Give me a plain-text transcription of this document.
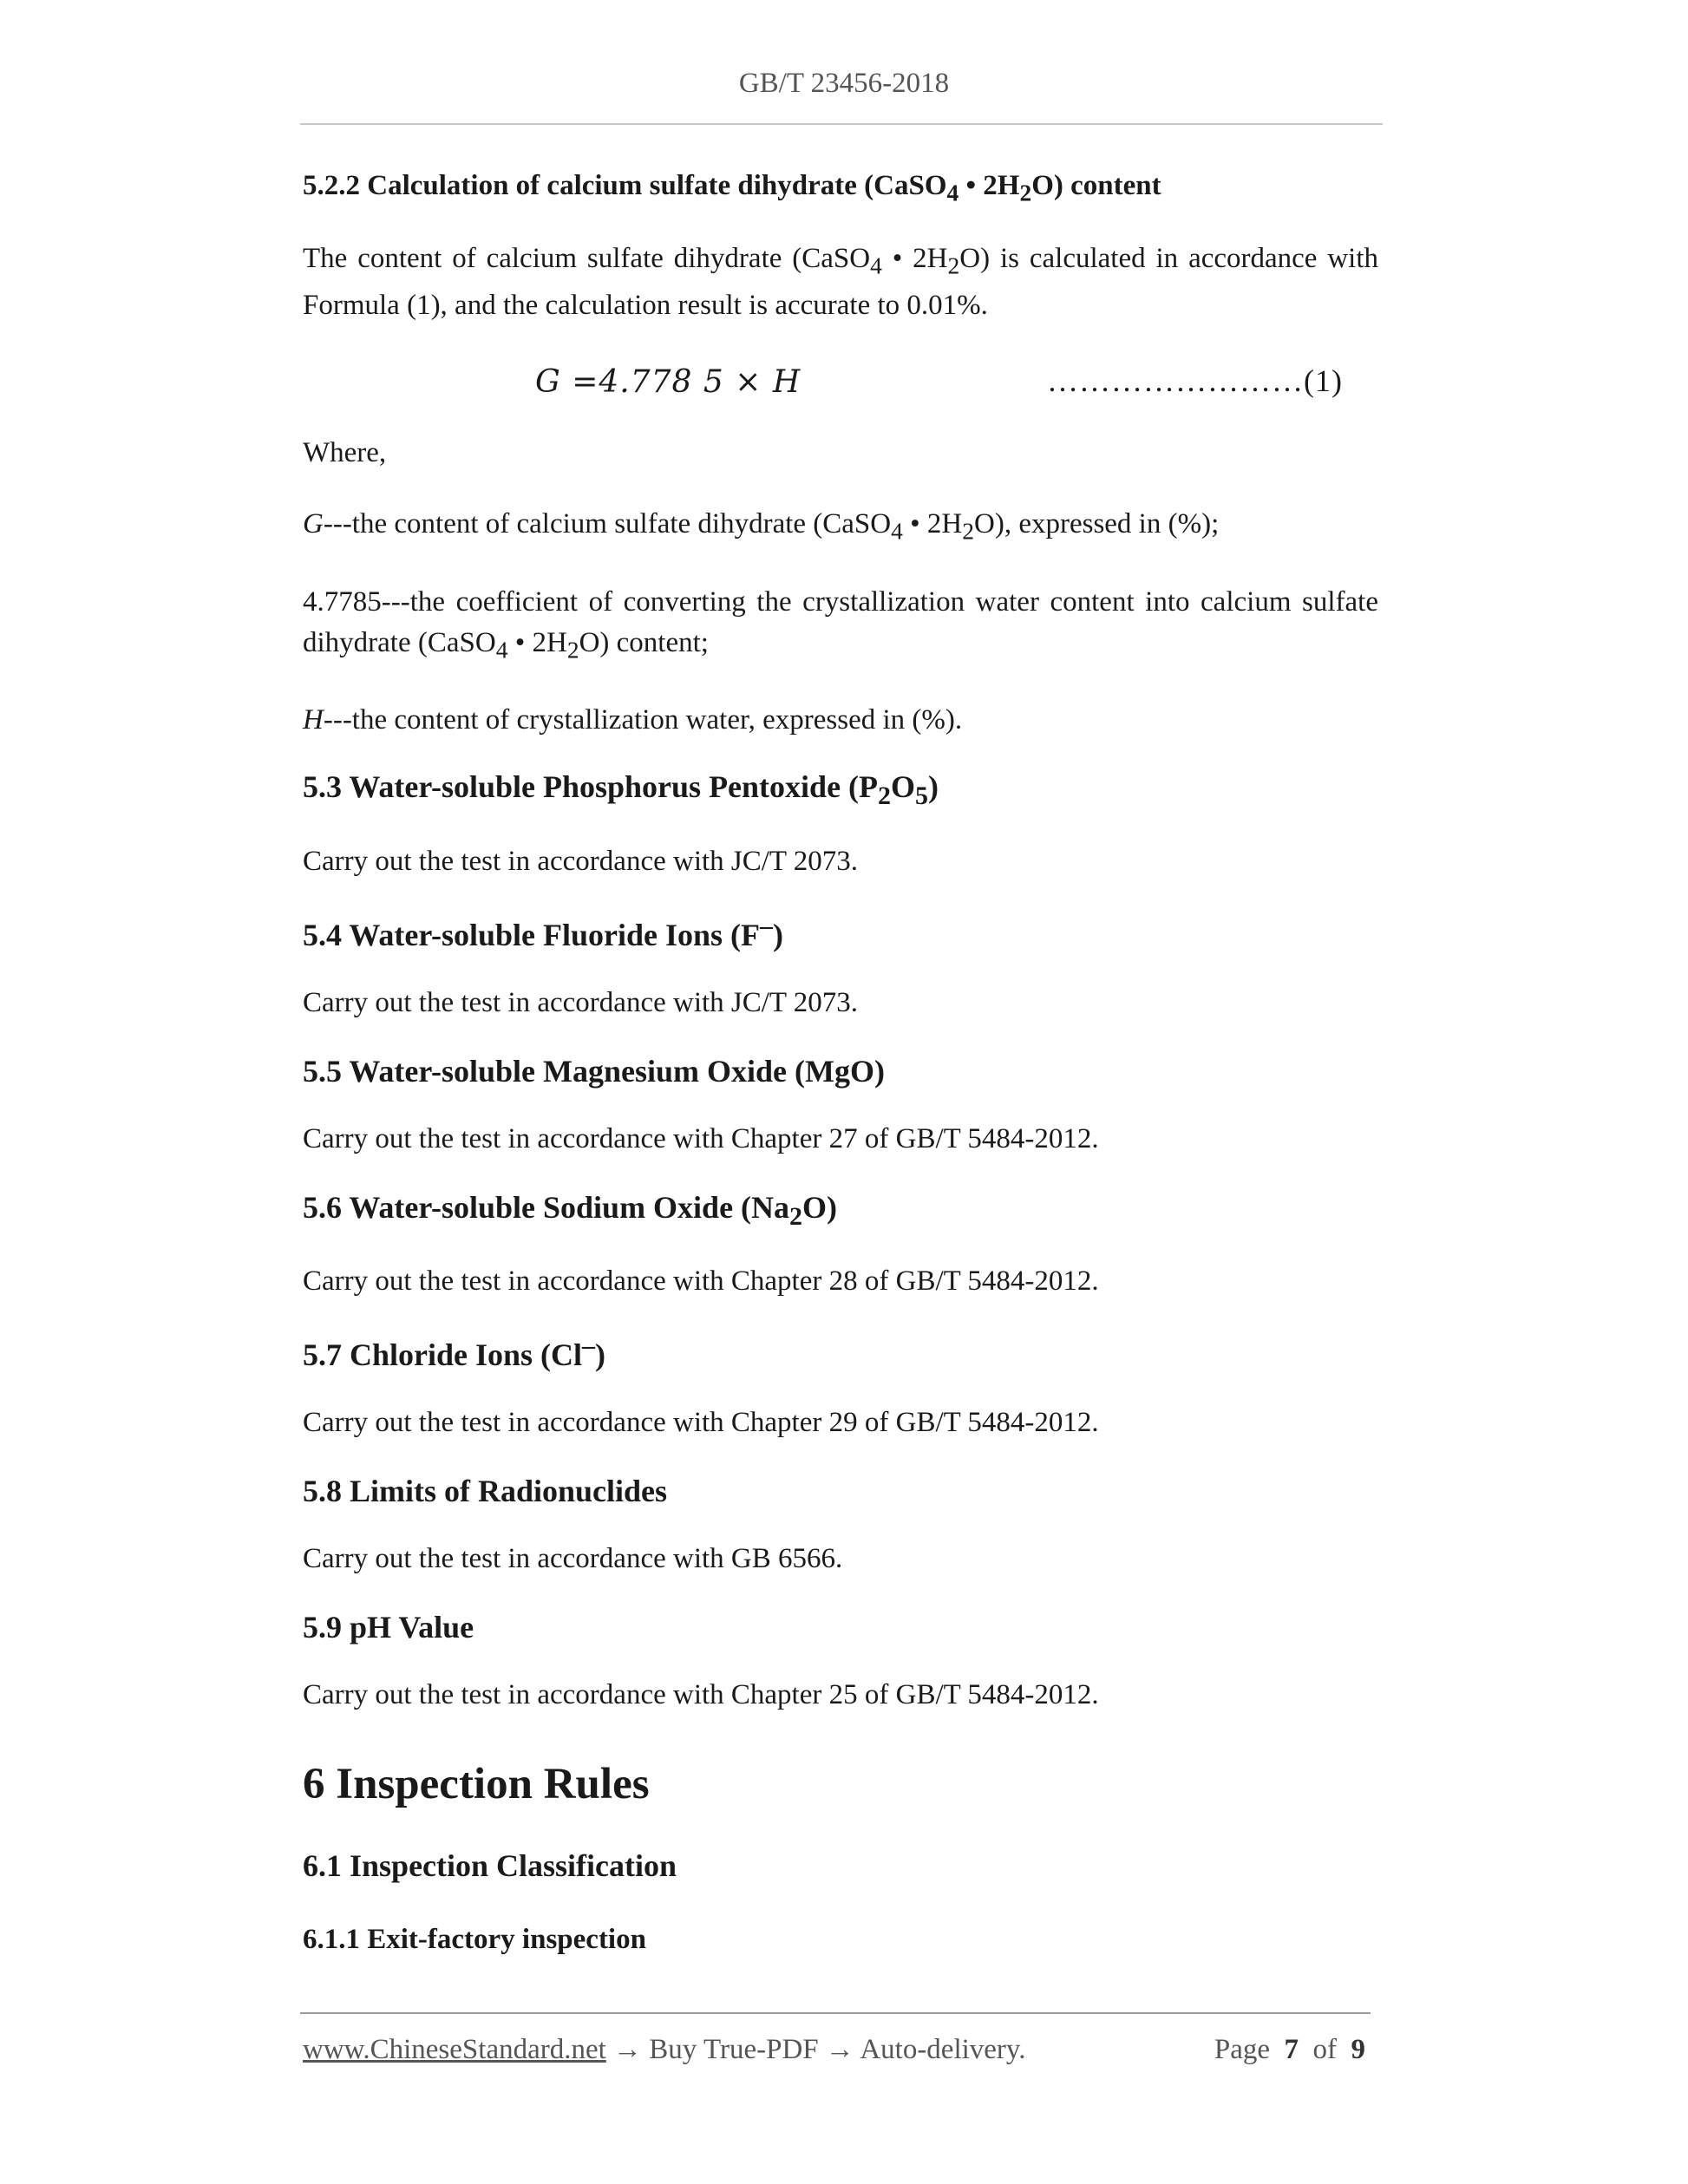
GB/T 23456-2018
5.2.2 Calculation of calcium sulfate dihydrate (CaSO$_4$ • $2H_2O$) content
The content of calcium sulfate dihydrate (CaSO$_4$ • $2H_2O$) is calculated in accordance with Formula (1), and the calculation result is accurate to 0.01%.
G =4.778 5 × H	……………………(1)
Where,
G---the content of calcium sulfate dihydrate (CaSO$_4$ • $2H_2O$), expressed in (%);
4.7785---the coefficient of converting the crystallization water content into calcium sulfate dihydrate (CaSO$_4$ • $2H_2O$) content;
H---the content of crystallization water, expressed in (%).
5.3 Water-soluble Phosphorus Pentoxide $(P_2O_5)$
Carry out the test in accordance with JC/T 2073.
5.4 Water-soluble Fluoride Ions (F–)
Carry out the test in accordance with JC/T 2073.
5.5 Water-soluble Magnesium Oxide (MgO)
Carry out the test in accordance with Chapter 27 of GB/T 5484-2012.
5.6 Water-soluble Sodium Oxide $(Na_2O)$
Carry out the test in accordance with Chapter 28 of GB/T 5484-2012.
5.7 Chloride Ions (Cl–)
Carry out the test in accordance with Chapter 29 of GB/T 5484-2012.
5.8 Limits of Radionuclides
Carry out the test in accordance with GB 6566.
5.9 pH Value
Carry out the test in accordance with Chapter 25 of GB/T 5484-2012.
6 Inspection Rules
6.1 Inspection Classification
6.1.1 Exit-factory inspection
www.ChineseStandard.net → Buy True-PDF → Auto-delivery.	Page 7 of 9
